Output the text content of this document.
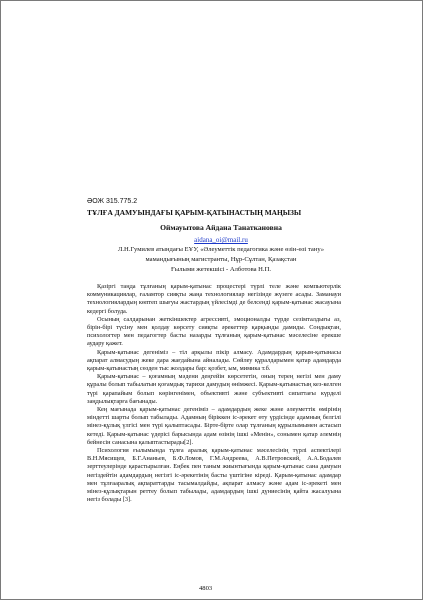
ӘОЖ 315.775.2
ТҰЛҒА ДАМУЫНДАҒЫ ҚАРЫМ-ҚАТЫНАСТЫҢ МАҢЫЗЫ
Оймауытова Айдана Танаткановна
aidana_oi@mail.ru
Л.Н.Гумилев атындағы ЕҰУ, «Әлеуметтік педагогика және өзін-өзі тану»
мамандығының магистранты, Нұр-Сұлтан, Қазақстан
Ғылыми жетекшісі - Алботова Н.П.

Қазіргі таңда тұлғаның қарым-қатынас процестері түрлі теле және компьютерлік коммуникациялар, ғаламтор сияқты жаңа технологиялар негізінде жүзеге асады. Заманауи технологиялардың көптеп шығуы жастардың үйлесімді де белсенді қарым-қатынас жасауына кедергі болуда.

Осының салдарынан жеткіншектер агрессивті, эмоционалды түрде сезімталдығы аз, бірін-бірі түсіну мен қолдау көрсету сияқты әрекеттер қарқынды дамиды. Сондықтан, психологтер мен педагогтер басты назарды тұлғаның қарым-қатынас мәселесіне ерекше аудару қажет.

Қарым-қатынас дегеніміз – тіл арқылы пікір алмасу. Адамдардың қарым-қатынасы ақпарат алмасудың жеке дара жағдайына айналады. Сөйлеу құралдарымен қатар адамдарда қарым-қатынастың сөзден тыс жолдары бар: қозбет, ым, мимика т.б.

Қарым-қатынас – қоғамның мәдени деңгейін көрсететін, оның терең негізі мен даму құралы болып табылатын қоғамдық тарихи дамудың өнімжесі. Қарым-қатынастың кез-келген түрі қарапайым болып көрінгенімен, объективті және субъективті сипаттағы күрделі заңдылықтарға бағынады.

Кең мағынада қарым-қатынас дегеніміз – адамдардың жеке және әлеуметтік өмірінің міндетті шарты болып табылады. Адамның біріккен іс-әрекет өту үрдісінде адамның белгілі мінез-құлық үлгісі мен түрі қалыптасады. Бірте-бірте олар тұлғаның құрылымымен астасып кетеді. Қарым-қатынас үдерісі барысында адам өзінің ішкі «Менін», сонымен қатар әлемнің бейнесін санасына қалыптастырады[2].

Психология ғылымында тұлға аралық қарым-қатынас мәселесінің түрлі аспектілері В.Н.Мясищев, Б.Г.Ананьев, Б.Ф.Ломов, Г.М.Андреева, А.В.Петровский, А.А.Бодалев зерттеулерінде қарастырылған. Еңбек пен таным жиынтығында қарым-қатынас сана дамуын негіздейтін адамдардың негізгі іс-әрекетінің басты үштігіне кіреді. Қарым-қатынас адамдар мен тұлғааралық ақпараттарды тасымалдайды, ақпарат алмасу және адам іс-әрекеті мен мінез-құлықтарын реттеу болып табылады, адамдардың ішкі дүниесінің қайта жасалуына негіз болады [3].

4803
